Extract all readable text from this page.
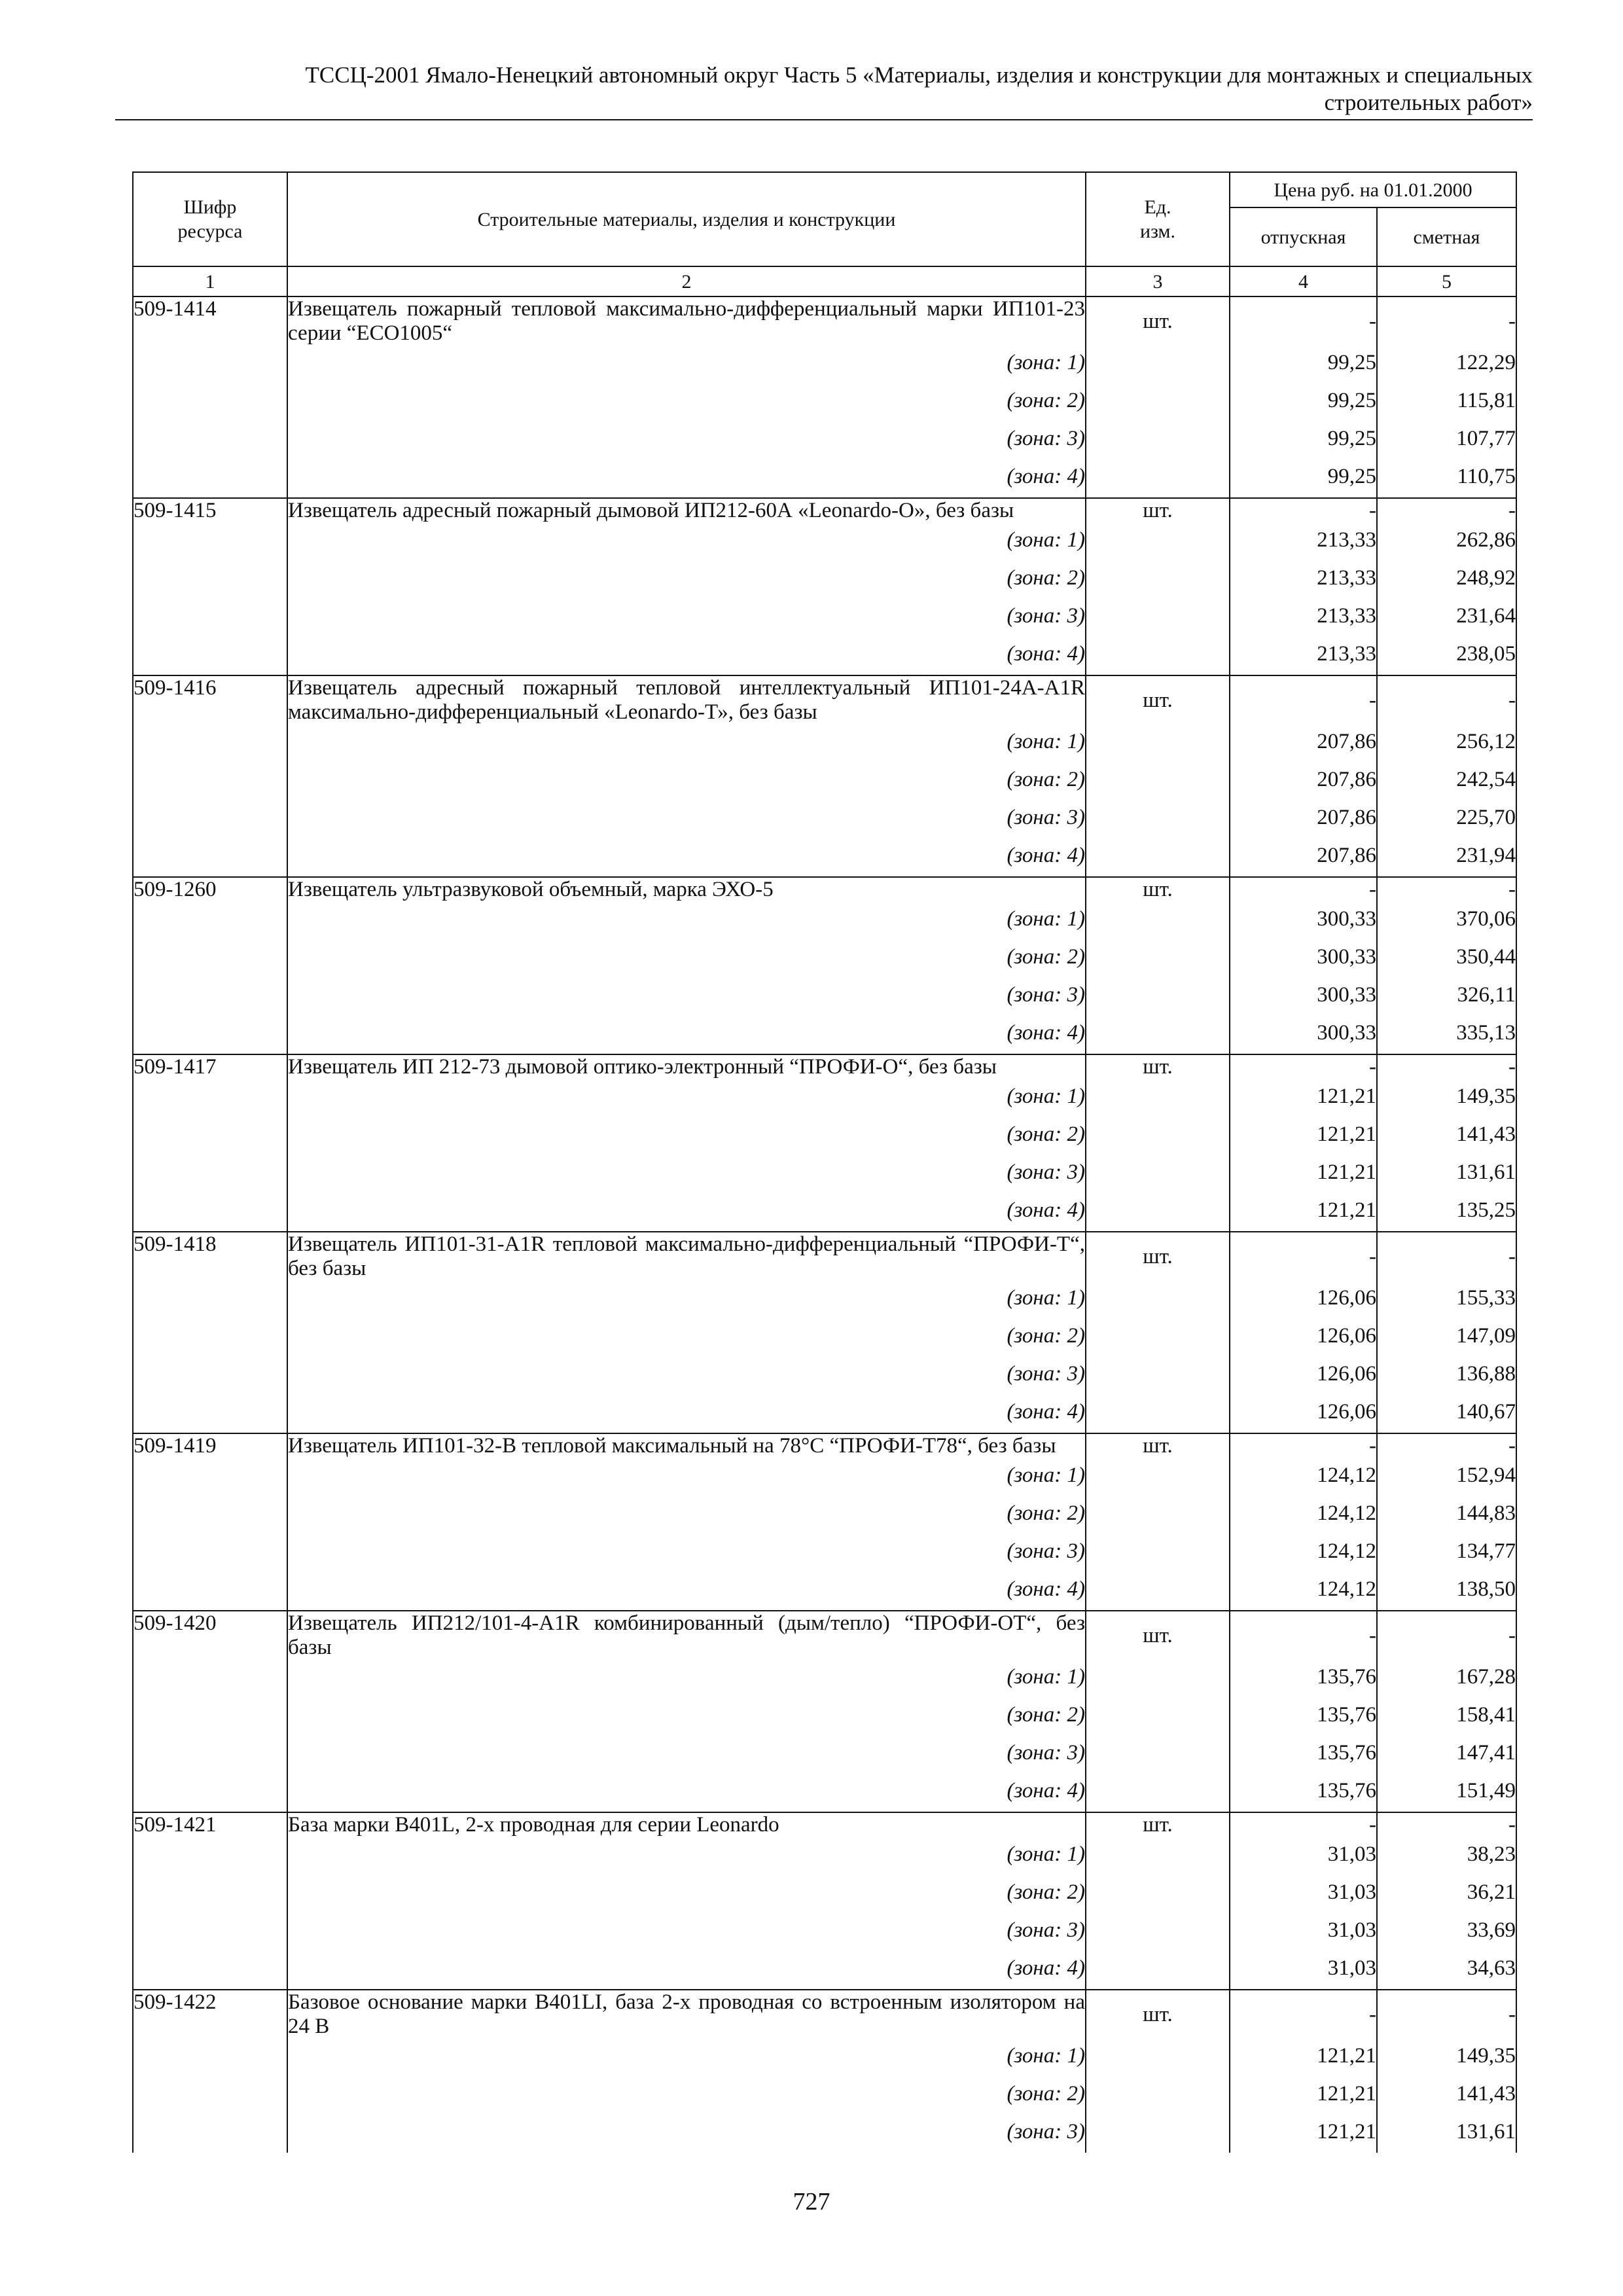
ТССЦ-2001 Ямало-Ненецкий автономный округ Часть 5 «Материалы, изделия и конструкции для монтажных и специальных
строительных работ»
Шифр ресурса	Строительные материалы, изделия и конструкции	Ед. изм.	Цена руб. на 01.01.2000	
			отпускная	сметная
1	2	3	4	5
509-1414	Извещатель пожарный тепловой максимально-дифференциальный марки ИП101-23 серии “ЕСО1005“	шт.	-	-
	(зона: 1)		99,25	122,29
	(зона: 2)		99,25	115,81
	(зона: 3)		99,25	107,77
	(зона: 4)		99,25	110,75
509-1415	Извещатель адресный пожарный дымовой ИП212-60А «Leonardo-О», без базы	шт.	-	-
	(зона: 1)		213,33	262,86
	(зона: 2)		213,33	248,92
	(зона: 3)		213,33	231,64
	(зона: 4)		213,33	238,05
509-1416	Извещатель адресный пожарный тепловой интеллектуальный ИП101-24А-A1R максимально-дифференциальный «Leonardo-Т», без базы	шт.	-	-
	(зона: 1)		207,86	256,12
	(зона: 2)		207,86	242,54
	(зона: 3)		207,86	225,70
	(зона: 4)		207,86	231,94
509-1260	Извещатель ультразвуковой объемный, марка ЭХО-5	шт.	-	-
	(зона: 1)		300,33	370,06
	(зона: 2)		300,33	350,44
	(зона: 3)		300,33	326,11
	(зона: 4)		300,33	335,13
509-1417	Извещатель ИП 212-73 дымовой оптико-электронный “ПРОФИ-О“, без базы	шт.	-	-
	(зона: 1)		121,21	149,35
	(зона: 2)		121,21	141,43
	(зона: 3)		121,21	131,61
	(зона: 4)		121,21	135,25
509-1418	Извещатель ИП101-31-A1R тепловой максимально-дифференциальный “ПРОФИ-Т“, без базы	шт.	-	-
	(зона: 1)		126,06	155,33
	(зона: 2)		126,06	147,09
	(зона: 3)		126,06	136,88
	(зона: 4)		126,06	140,67
509-1419	Извещатель ИП101-32-В тепловой максимальный на 78°С “ПРОФИ-Т78“, без базы	шт.	-	-
	(зона: 1)		124,12	152,94
	(зона: 2)		124,12	144,83
	(зона: 3)		124,12	134,77
	(зона: 4)		124,12	138,50
509-1420	Извещатель ИП212/101-4-A1R комбинированный (дым/тепло) “ПРОФИ-ОТ“, без базы	шт.	-	-
	(зона: 1)		135,76	167,28
	(зона: 2)		135,76	158,41
	(зона: 3)		135,76	147,41
	(зона: 4)		135,76	151,49
509-1421	База марки B401L, 2-х проводная для серии Leonardo	шт.	-	-
	(зона: 1)		31,03	38,23
	(зона: 2)		31,03	36,21
	(зона: 3)		31,03	33,69
	(зона: 4)		31,03	34,63
509-1422	Базовое основание марки B401LI, база 2-х проводная со встроенным изолятором на 24 В	шт.	-	-
	(зона: 1)		121,21	149,35
	(зона: 2)		121,21	141,43
	(зона: 3)		121,21	131,61
727
